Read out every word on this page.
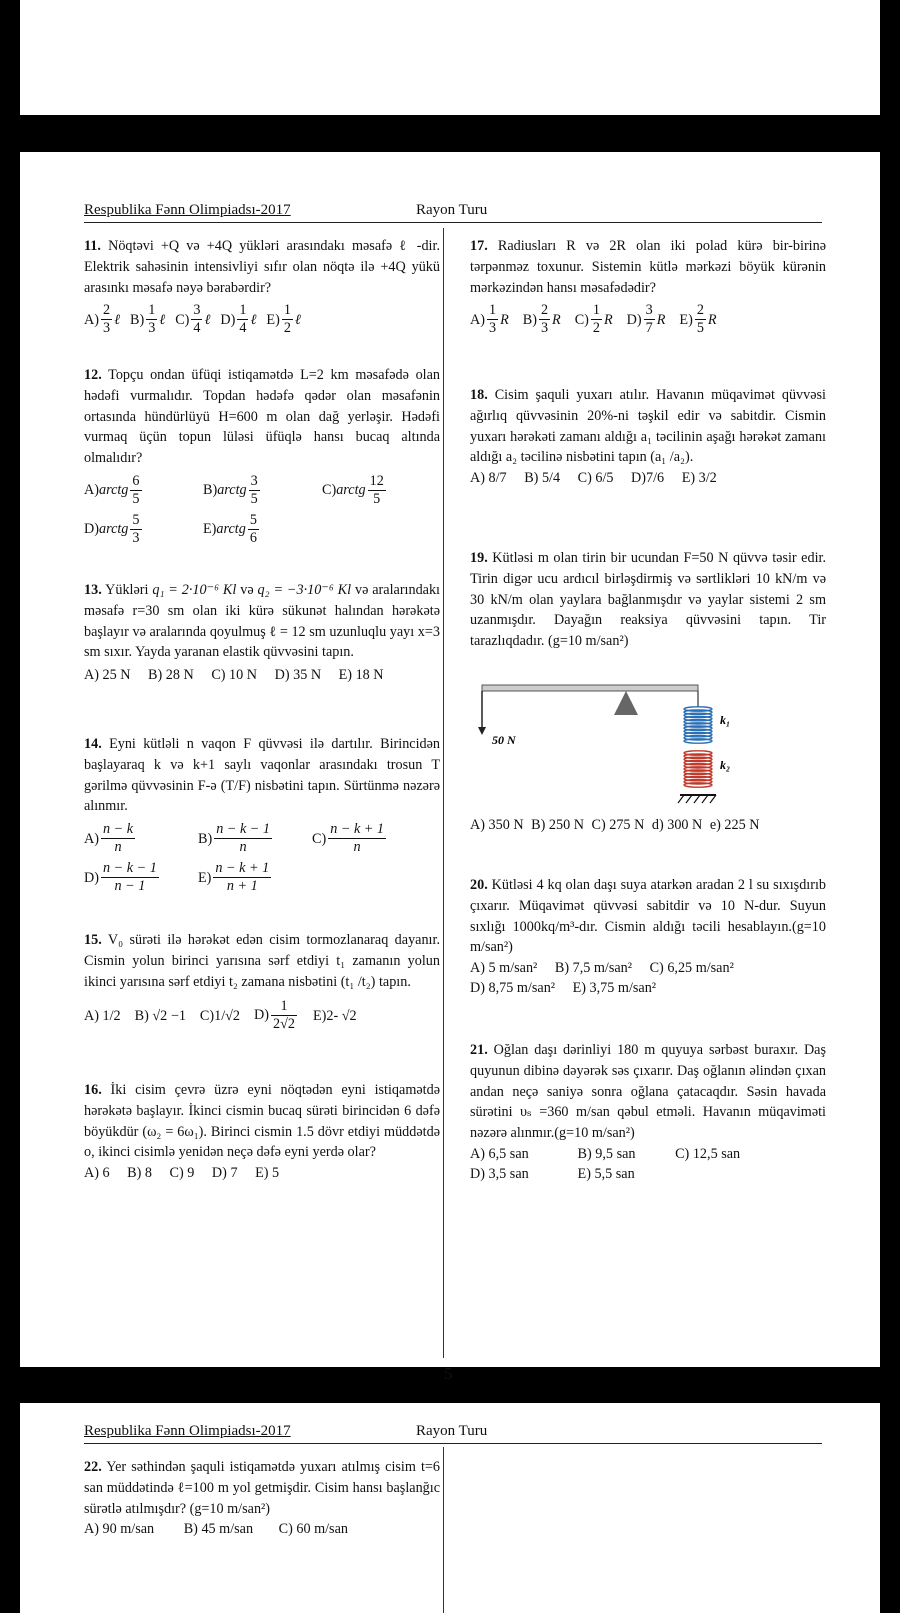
Respublika Fənn Olimpiadsı-2017	Rayon Turu
11. Nöqtəvi +Q və +4Q yükləri arasındakı məsafə ℓ -dir. Elektrik sahəsinin intensivliyi sıfır olan nöqtə ilə +4Q yükü arasınkı məsafə nəyə bərabərdir?
$A) \frac{2}{3}$ ℓ $B) \frac{1}{3}$ ℓ $C) \frac{3}{4}$ ℓ $D) \frac{1}{4}$ ℓ $E) \frac{1}{2}$ ℓ
12. Topçu ondan üfüqi istiqamətdə L=2 km məsafədə olan hədəfi vurmalıdır. Topdan hədəfə qədər olan məsafənin ortasında hündürlüyü H=600 m olan dağ yerləşir. Hədəfi vurmaq üçün topun lüləsi üfüqlə hansı bucaq altında olmalıdır?
A) arctg $\frac{6}{5}$	B) arctg $\frac{3}{5}$	C) arctg $\frac{12}{5}$
D) arctg $\frac{5}{3}$	E) arctg $\frac{5}{6}$
13. Yükləri q₁ = 2·10⁻⁶ Kl və q₂ = −3·10⁻⁶ Kl və aralarındakı məsafə r=30 sm olan iki kürə sükunət halından hərəkətə başlayır və aralarında qoyulmuş ℓ = 12 sm uzunluqlu yayı x=3 sm sıxır. Yayda yaranan elastik qüvvəsini tapın.
A) 25 N B) 28 N C) 10 N D) 35 N E) 18 N
14. Eyni kütləli n vaqon F qüvvəsi ilə dartılır. Birincidən başlayaraq k və k+1 saylı vaqonlar arasındakı trosun T gərilmə qüvvəsinin F-ə (T/F) nisbətini tapın. Sürtünmə nəzərə alınmır.
$A) \frac{n - k}{n}$	$B) \frac{n - k - 1}{n}$	$C) \frac{n - k + 1}{n}$
$D) \frac{n - k - 1}{n - 1}$	$E) \frac{n - k + 1}{n + 1}$
15. V₀ sürəti ilə hərəkət edən cisim tormozlanaraq dayanır. Cismin yolun birinci yarısına sərf etdiyi t₁ zamanın yolun ikinci yarısına sərf etdiyi t₂ zamana nisbətini (t₁ /t₂) tapın.
A) 1/2 B) √2 −1 C)1/√2 $D) \frac{1}{2√2} E)2-$ √2
16. İki cisim çevrə üzrə eyni nöqtədən eyni istiqamətdə hərəkətə başlayır. İkinci cismin bucaq sürəti birincidən 6 dəfə böyükdür (ω₂ = 6ω₁). Birinci cismin 1.5 dövr etdiyi müddətdə o, ikinci cisimlə yenidən neçə dəfə eyni yerdə olar?
A) 6 B) 8 C) 9 D) 7 E) 5
17. Radiusları R və 2R olan iki polad kürə bir-birinə tərpənməz toxunur. Sistemin kütlə mərkəzi böyük kürənin mərkəzindən hansı məsafədədir?
$A) \frac{1}{3}$ R $B) \frac{2}{3}$ R $C) \frac{1}{2}$ R $D) \frac{3}{7}$ R $E) \frac{2}{5}$ R
18. Cisim şaquli yuxarı atılır. Havanın müqavimət qüvvəsi ağırlıq qüvvəsinin 20%-ni təşkil edir və sabitdir. Cismin yuxarı hərəkəti zamanı aldığı a₁ təcilinin aşağı hərəkət zamanı aldığı a₂ təcilinə nisbətini tapın (a₁ /a₂).
A) 8/7 B) 5/4 C) 6/5 D)7/6 E) 3/2
19. Kütləsi m olan tirin bir ucundan F=50 N qüvvə təsir edir. Tirin digər ucu ardıcıl birləşdirmiş və sərtlikləri 10 kN/m və 30 kN/m olan yaylara bağlanmışdır və yaylar sistemi 2 sm uzanmışdır. Dayağın reaksiya qüvvəsini tapın. Tir tarazlıqdadır. (g=10 m/san²)
50 N
k₁
k₂
A) 350 N B) 250 N C) 275 N d) 300 N e) 225 N
20. Kütləsi 4 kq olan daşı suya atarkən aradan 2 l su sıxışdırıb çıxarır. Müqavimət qüvvəsi sabitdir və 10 N-dur. Suyun sıxlığı 1000kq/m³-dır. Cismin aldığı təcili hesablayın.(g=10 m/san²)
A) 5 m/san² B) 7,5 m/san² C) 6,25 m/san²
D) 8,75 m/san² E) 3,75 m/san²
21. Oğlan daşı dərinliyi 180 m quyuya sərbəst buraxır. Daş quyunun dibinə dəyərək səs çıxarır. Daş oğlanın əlindən çıxan andan neçə saniyə sonra oğlana çatacaqdır. Səsin havada sürətini υₛ =360 m/san qəbul etməli. Havanın müqaviməti nəzərə alınmır.(g=10 m/san²)
A) 6,5 san	B) 9,5 san	C) 12,5 san
D) 3,5 san	E) 5,5 san
5
Respublika Fənn Olimpiadsı-2017	Rayon Turu
22. Yer səthindən şaquli istiqamətdə yuxarı atılmış cisim t=6 san müddətində ℓ=100 m yol getmişdir. Cisim hansı başlanğıc sürətlə atılmışdır? (g=10 m/san²)
A) 90 m/san B) 45 m/san C) 60 m/san
